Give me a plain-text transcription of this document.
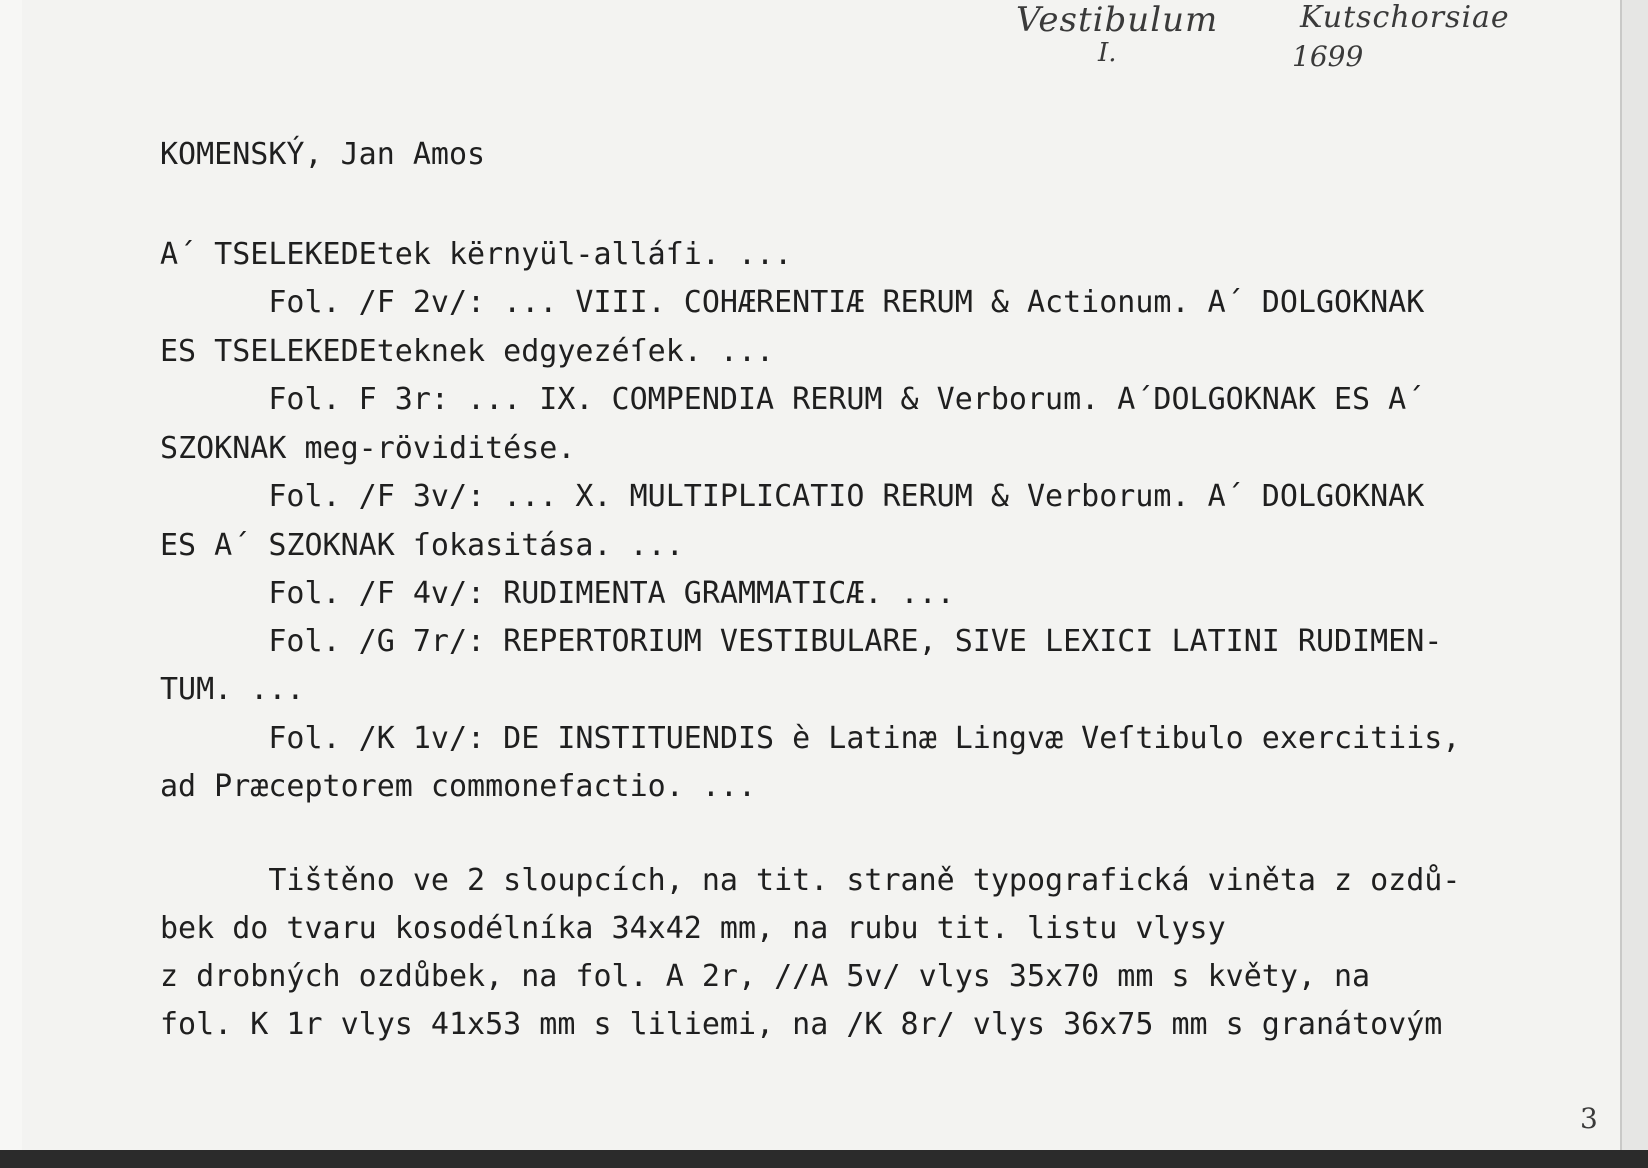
Vestibulum	Kutschorsiae
I.	1699
3
KOMENSKÝ, Jan Amos
A´ TSELEKEDEtek kërnyül-alláſi. ...
Fol. /F 2v/: ... VIII. COHÆRENTIÆ RERUM & Actionum. A´ DOLGOKNAK
ES TSELEKEDEteknek edgyezéſek. ...
Fol. F 3r: ... IX. COMPENDIA RERUM & Verborum. A´DOLGOKNAK ES A´
SZOKNAK meg-röviditése.
Fol. /F 3v/: ... X. MULTIPLICATIO RERUM & Verborum. A´ DOLGOKNAK
ES A´ SZOKNAK ſokasitása. ...
Fol. /F 4v/: RUDIMENTA GRAMMATICÆ. ...
Fol. /G 7r/: REPERTORIUM VESTIBULARE, SIVE LEXICI LATINI RUDIMEN-
TUM. ...
Fol. /K 1v/: DE INSTITUENDIS è Latinæ Lingvæ Veſtibulo exercitiis,
ad Præceptorem commonefactio. ...
Tištěno ve 2 sloupcích, na tit. straně typografická viněta z ozdů-
bek do tvaru kosodélníka 34x42 mm, na rubu tit. listu vlysy
z drobných ozdůbek, na fol. A 2r, //A 5v/ vlys 35x70 mm s květy, na
fol. K 1r vlys 41x53 mm s liliemi, na /K 8r/ vlys 36x75 mm s granátovým
